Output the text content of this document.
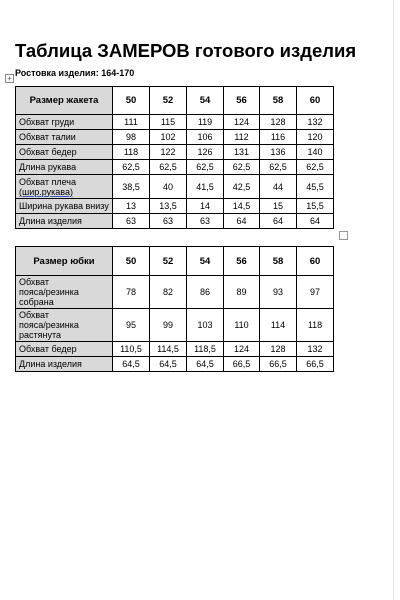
Таблица ЗАМЕРОВ готового изделия
+
Ростовка изделия: 164-170
Размер жакета	50	52	54	56	58	60
Обхват груди	111	115	119	124	128	132
Обхват талии	98	102	106	112	116	120
Обхват бедер	118	122	126	131	136	140
Длина рукава	62,5	62,5	62,5	62,5	62,5	62,5
Обхват плеча
(шир.рукава)	38,5	40	41,5	42,5	44	45,5
Ширина рукава внизу	13	13,5	14	14,5	15	15,5
Длина изделия	63	63	63	64	64	64
Размер юбки	50	52	54	56	58	60
Обхват
пояса/резинка
собрана	78	82	86	89	93	97
Обхват
пояса/резинка
растянута	95	99	103	110	114	118
Обхват бедер	110,5	114,5	118,5	124	128	132
Длина изделия	64,5	64,5	64,5	66,5	66,5	66,5
